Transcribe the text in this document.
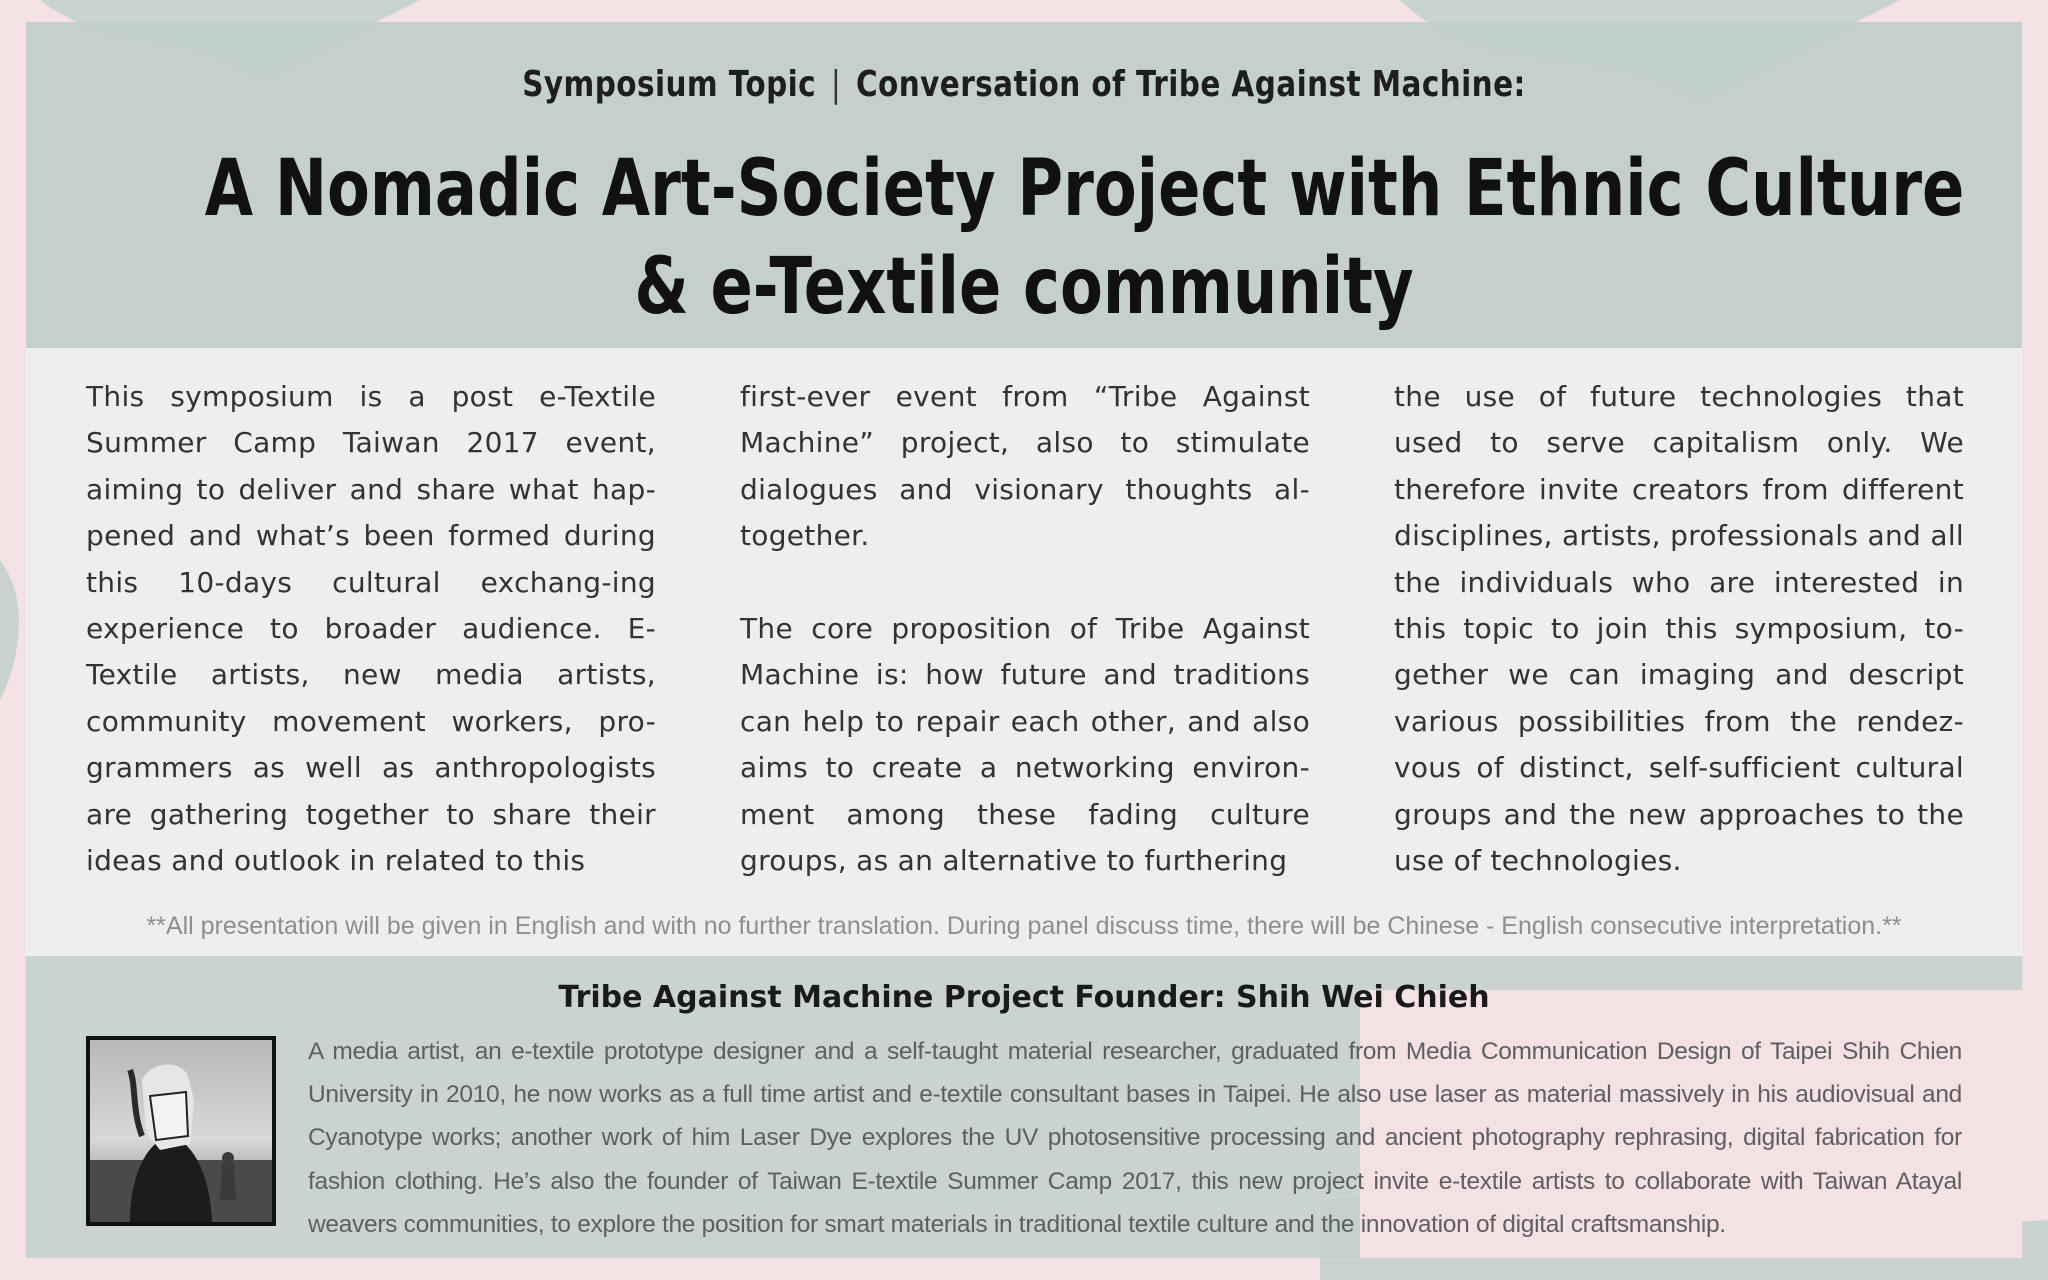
Symposium Topic | Conversation of Tribe Against Machine:
A Nomadic Art-Society Project with Ethnic Culture
& e-Textile community

This symposium is a post e-Textile Summer Camp Taiwan 2017 event, aiming to deliver and share what hap-pened and what’s been formed during this 10-days cultural exchang-ing experience to broader audience. E-Textile artists, new media artists, community movement workers, pro-grammers as well as anthropologists are gathering together to share their ideas and outlook in related to this

first-ever event from “Tribe Against Machine” project, also to stimulate dialogues and visionary thoughts al-together.

The core proposition of Tribe Against Machine is: how future and traditions can help to repair each other, and also aims to create a networking environ-ment among these fading culture groups, as an alternative to furthering

the use of future technologies that used to serve capitalism only. We therefore invite creators from different disciplines, artists, professionals and all the individuals who are interested in this topic to join this symposium, to-gether we can imaging and descript various possibilities from the rendez-vous of distinct, self-sufficient cultural groups and the new approaches to the use of technologies.

**All presentation will be given in English and with no further translation. During panel discuss time, there will be Chinese - English consecutive interpretation.**

Tribe Against Machine Project Founder: Shih Wei Chieh

A media artist, an e-textile prototype designer and a self-taught material researcher, graduated from Media Communication Design of Taipei Shih Chien University in 2010, he now works as a full time artist and e-textile consultant bases in Taipei. He also use laser as material massively in his audiovisual and Cyanotype works; another work of him Laser Dye explores the UV photosensitive processing and ancient photography rephrasing, digital fabrication for fashion clothing. He’s also the founder of Taiwan E-textile Summer Camp 2017, this new project invite e-textile artists to collaborate with Taiwan Atayal weavers communities, to explore the position for smart materials in traditional textile culture and the innovation of digital craftsmanship.
